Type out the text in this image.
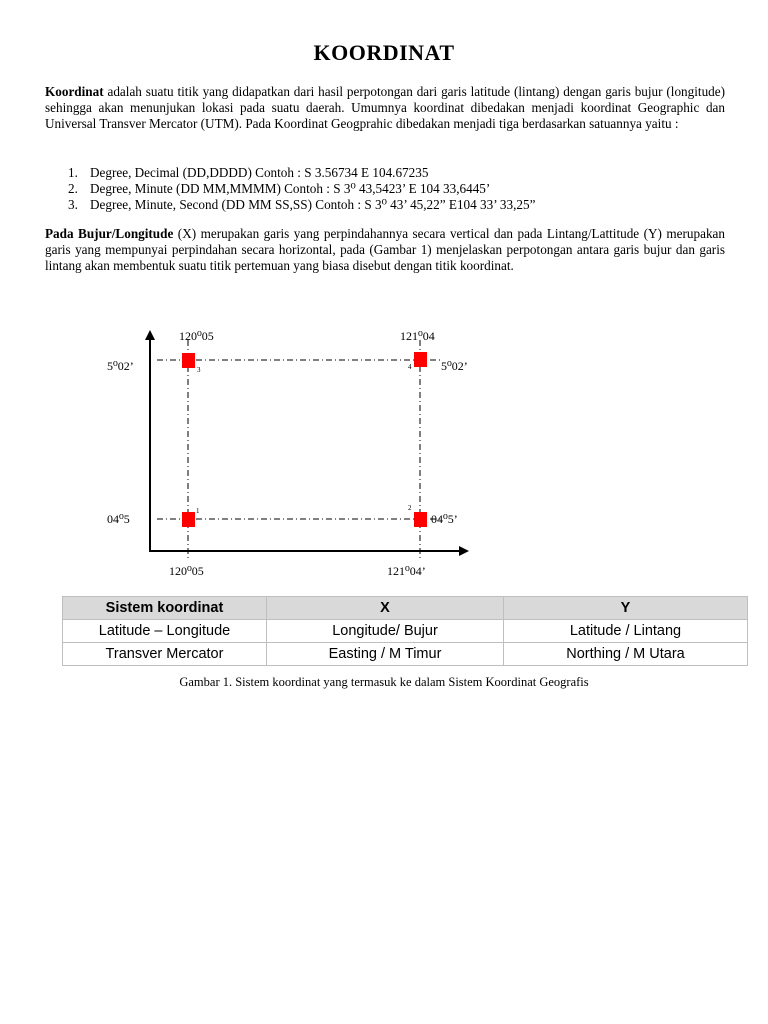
KOORDINAT
Koordinat adalah suatu titik yang didapatkan dari hasil perpotongan dari garis latitude (lintang) dengan garis bujur (longitude) sehingga akan menunjukan lokasi pada suatu daerah. Umumnya koordinat dibedakan menjadi koordinat Geographic dan Universal Transver Mercator (UTM). Pada Koordinat Geogprahic dibedakan menjadi tiga berdasarkan satuannya yaitu :
1. Degree, Decimal (DD,DDDD) Contoh : S 3.56734 E 104.67235
2. Degree, Minute (DD MM,MMMM) Contoh : S 3⁰ 43,5423’ E 104 33,6445’
3. Degree, Minute, Second (DD MM SS,SS) Contoh : S 3⁰ 43’ 45,22” E104 33’ 33,25”
Pada Bujur/Longitude (X) merupakan garis yang perpindahannya secara vertical dan pada Lintang/Lattitude (Y) merupakan garis yang mempunyai perpindahan secara horizontal, pada (Gambar 1) menjelaskan perpotongan antara garis bujur dan garis lintang akan membentuk suatu titik pertemuan yang biasa disebut dengan titik koordinat.
3	4
1	2
120⁰05	121⁰04
5⁰02’	5⁰02’
04⁰5	04⁰5’
120⁰05	121⁰04’
Sistem koordinat	X	Y
Latitude – Longitude	Longitude/ Bujur	Latitude / Lintang
Transver Mercator	Easting / M Timur	Northing / M Utara
Gambar 1. Sistem koordinat yang termasuk ke dalam Sistem Koordinat Geografis
